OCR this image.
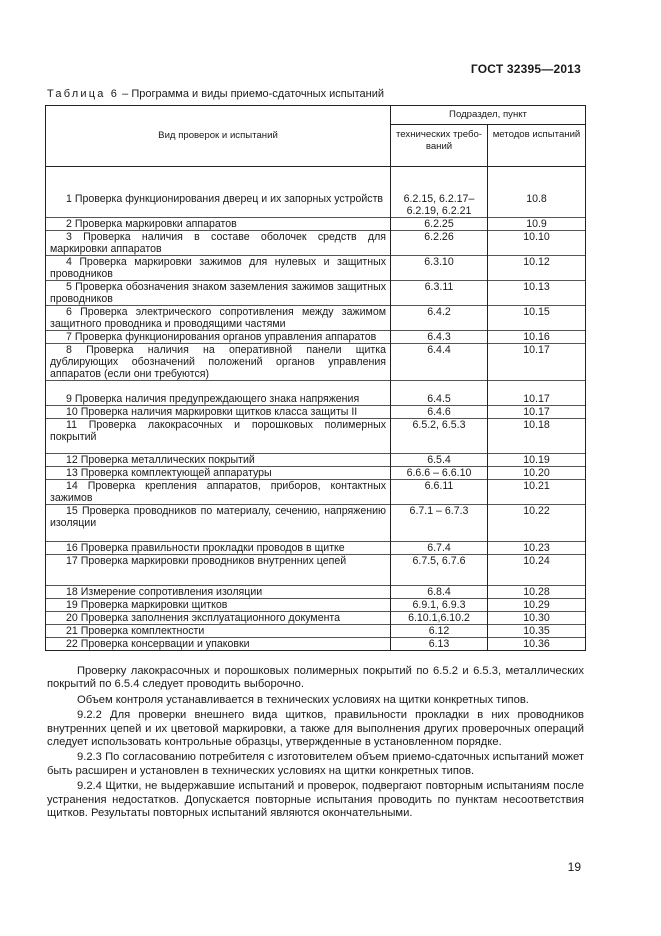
ГОСТ 32395—2013
Таблица 6 – Программа и виды приемо-сдаточных испытаний
Вид проверок и испытаний	Подраздел, пункт	
	технических требо-ваний	методов испытаний
1 Проверка функционирования дверец и их запорных устройств	6.2.15, 6.2.17–6.2.19, 6.2.21	10.8
2 Проверка маркировки аппаратов	6.2.25	10.9
3 Проверка наличия в составе оболочек средств для маркировки аппаратов	6.2.26	10.10
4 Проверка маркировки зажимов для нулевых и защитных проводников	6.3.10	10.12
5 Проверка обозначения знаком заземления зажимов защитных проводников	6.3.11	10.13
6 Проверка электрического сопротивления между зажимом защитного проводника и проводящими частями	6.4.2	10.15
7 Проверка функционирования органов управления аппаратов	6.4.3	10.16
8 Проверка наличия на оперативной панели щитка дублирующих обозначений положений органов управления аппаратов (если они требуются)	6.4.4	10.17
9 Проверка наличия предупреждающего знака напряжения	6.4.5	10.17
10 Проверка наличия маркировки щитков класса защиты II	6.4.6	10.17
11 Проверка лакокрасочных и порошковых полимерных покрытий	6.5.2, 6.5.3	10.18
12 Проверка металлических покрытий	6.5.4	10.19
13 Проверка комплектующей аппаратуры	6.6.6 – 6.6.10	10.20
14 Проверка крепления аппаратов, приборов, контактных зажимов	6.6.11	10.21
15 Проверка проводников по материалу, сечению, напряжению изоляции	6.7.1 – 6.7.3	10.22
16 Проверка правильности прокладки проводов в щитке	6.7.4	10.23
17 Проверка маркировки проводников внутренних цепей	6.7.5, 6.7.6	10.24
18 Измерение сопротивления изоляции	6.8.4	10.28
19 Проверка маркировки щитков	6.9.1, 6.9.3	10.29
20 Проверка заполнения эксплуатационного документа	6.10.1,6.10.2	10.30
21 Проверка комплектности	6.12	10.35
22 Проверка консервации и упаковки	6.13	10.36

Проверку лакокрасочных и порошковых полимерных покрытий по 6.5.2 и 6.5.3, металлических покрытий по 6.5.4 следует проводить выборочно.

Объем контроля устанавливается в технических условиях на щитки конкретных типов.

9.2.2 Для проверки внешнего вида щитков, правильности прокладки в них проводников внутренних цепей и их цветовой маркировки, а также для выполнения других проверочных операций следует использовать контрольные образцы, утвержденные в установленном порядке.

9.2.3 По согласованию потребителя с изготовителем объем приемо-сдаточных испытаний может быть расширен и установлен в технических условиях на щитки конкретных типов.

9.2.4 Щитки, не выдержавшие испытаний и проверок, подвергают повторным испытаниям после устранения недостатков. Допускается повторные испытания проводить по пунктам несоответствия щитков. Результаты повторных испытаний являются окончательными.

19
